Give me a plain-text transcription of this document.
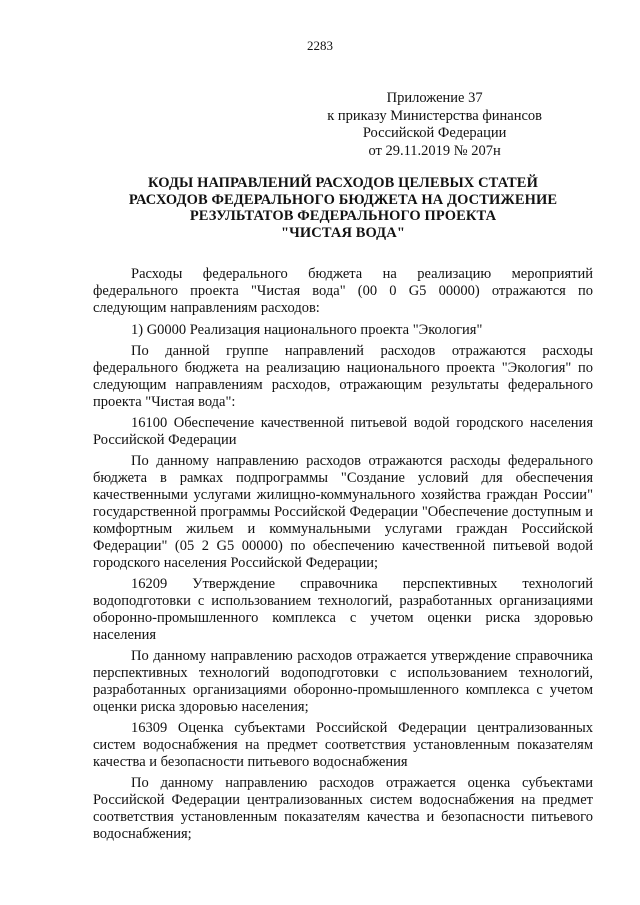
2283
Приложение 37
к приказу Министерства финансов
Российской Федерации
от 29.11.2019 № 207н
КОДЫ НАПРАВЛЕНИЙ РАСХОДОВ ЦЕЛЕВЫХ СТАТЕЙ
РАСХОДОВ ФЕДЕРАЛЬНОГО БЮДЖЕТА НА ДОСТИЖЕНИЕ
РЕЗУЛЬТАТОВ ФЕДЕРАЛЬНОГО ПРОЕКТА
"ЧИСТАЯ ВОДА"

Расходы федерального бюджета на реализацию мероприятий федерального проекта "Чистая вода" (00 0 G5 00000) отражаются по следующим направлениям расходов:

1) G0000 Реализация национального проекта "Экология"

По данной группе направлений расходов отражаются расходы федерального бюджета на реализацию национального проекта "Экология" по следующим направлениям расходов, отражающим результаты федерального проекта "Чистая вода":

16100 Обеспечение качественной питьевой водой городского населения Российской Федерации

По данному направлению расходов отражаются расходы федерального бюджета в рамках подпрограммы "Создание условий для обеспечения качественными услугами жилищно-коммунального хозяйства граждан России" государственной программы Российской Федерации "Обеспечение доступным и комфортным жильем и коммунальными услугами граждан Российской Федерации" (05 2 G5 00000) по обеспечению качественной питьевой водой городского населения Российской Федерации;

16209 Утверждение справочника перспективных технологий водоподготовки с использованием технологий, разработанных организациями оборонно-промышленного комплекса с учетом оценки риска здоровью населения

По данному направлению расходов отражается утверждение справочника перспективных технологий водоподготовки с использованием технологий, разработанных организациями оборонно-промышленного комплекса с учетом оценки риска здоровью населения;

16309 Оценка субъектами Российской Федерации централизованных систем водоснабжения на предмет соответствия установленным показателям качества и безопасности питьевого водоснабжения

По данному направлению расходов отражается оценка субъектами Российской Федерации централизованных систем водоснабжения на предмет соответствия установленным показателям качества и безопасности питьевого водоснабжения;
